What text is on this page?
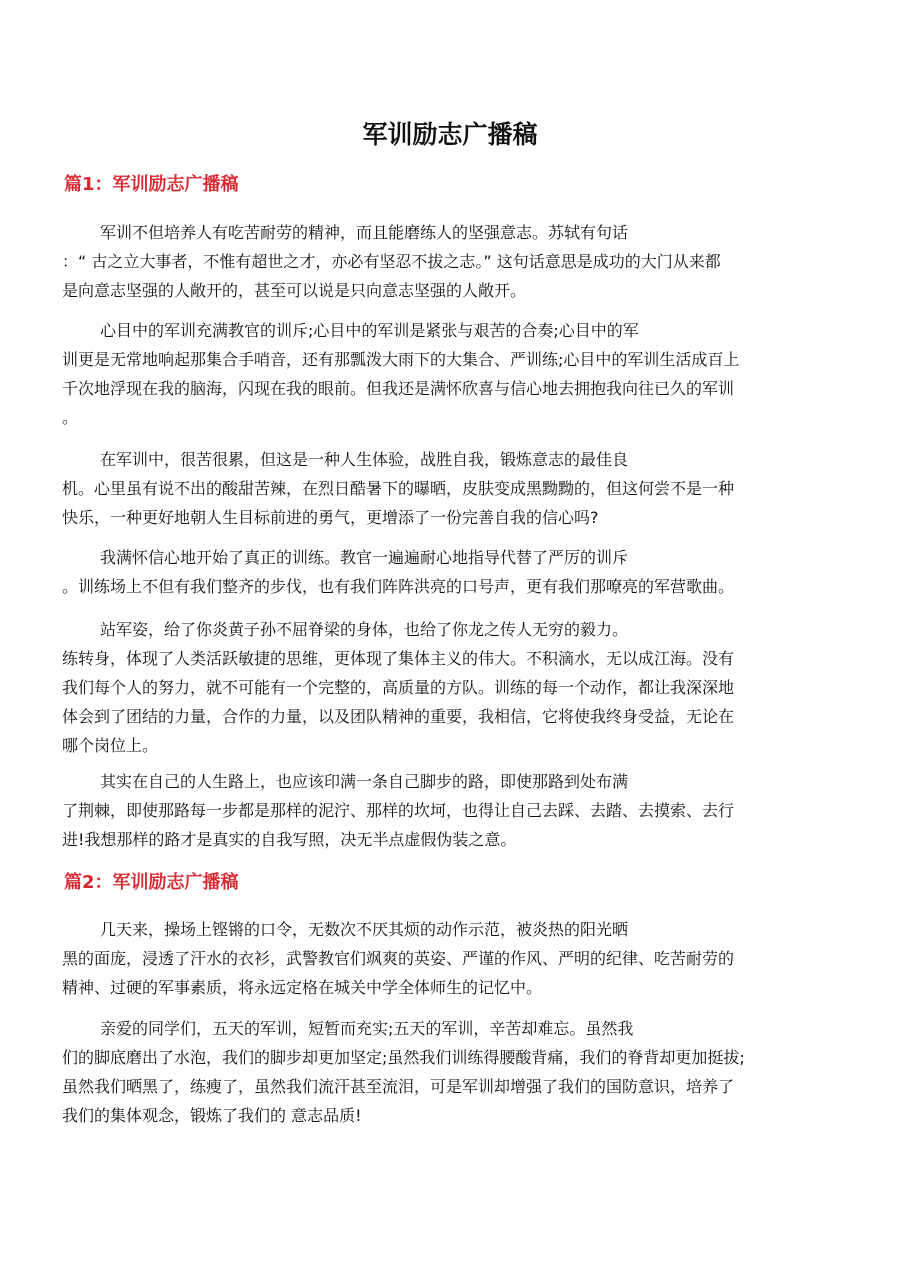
军训励志广播稿
篇1：军训励志广播稿
军训不但培养人有吃苦耐劳的精神，而且能磨练人的坚强意志。苏轼有句话
：“ 古之立大事者，不惟有超世之才，亦必有坚忍不拔之志。” 这句话意思是成功的大门从来都
是向意志坚强的人敞开的，甚至可以说是只向意志坚强的人敞开。
心目中的军训充满教官的训斥;心目中的军训是紧张与艰苦的合奏;心目中的军
训更是无常地响起那集合手哨音，还有那瓢泼大雨下的大集合、严训练;心目中的军训生活成百上
千次地浮现在我的脑海，闪现在我的眼前。但我还是满怀欣喜与信心地去拥抱我向往已久的军训
。
在军训中，很苦很累，但这是一种人生体验，战胜自我，锻炼意志的最佳良
机。心里虽有说不出的酸甜苦辣，在烈日酷暑下的曝晒，皮肤变成黑黝黝的，但这何尝不是一种
快乐，一种更好地朝人生目标前进的勇气，更增添了一份完善自我的信心吗?
我满怀信心地开始了真正的训练。教官一遍遍耐心地指导代替了严厉的训斥
。训练场上不但有我们整齐的步伐，也有我们阵阵洪亮的口号声，更有我们那嘹亮的军营歌曲。
站军姿，给了你炎黄子孙不屈脊梁的身体，也给了你龙之传人无穷的毅力。
练转身，体现了人类活跃敏捷的思维，更体现了集体主义的伟大。不积滴水，无以成江海。没有
我们每个人的努力，就不可能有一个完整的，高质量的方队。训练的每一个动作，都让我深深地
体会到了团结的力量，合作的力量，以及团队精神的重要，我相信，它将使我终身受益，无论在
哪个岗位上。
其实在自己的人生路上，也应该印满一条自己脚步的路，即使那路到处布满
了荆棘，即使那路每一步都是那样的泥泞、那样的坎坷，也得让自己去踩、去踏、去摸索、去行
进!我想那样的路才是真实的自我写照，决无半点虚假伪装之意。
篇2：军训励志广播稿
几天来，操场上铿锵的口令，无数次不厌其烦的动作示范，被炎热的阳光晒
黑的面庞，浸透了汗水的衣衫，武警教官们飒爽的英姿、严谨的作风、严明的纪律、吃苦耐劳的
精神、过硬的军事素质，将永远定格在城关中学全体师生的记忆中。
亲爱的同学们，五天的军训，短暂而充实;五天的军训，辛苦却难忘。虽然我
们的脚底磨出了水泡，我们的脚步却更加坚定;虽然我们训练得腰酸背痛，我们的脊背却更加挺拔;
虽然我们晒黑了，练瘦了，虽然我们流汗甚至流泪，可是军训却增强了我们的国防意识，培养了
我们的集体观念，锻炼了我们的 意志品质!
